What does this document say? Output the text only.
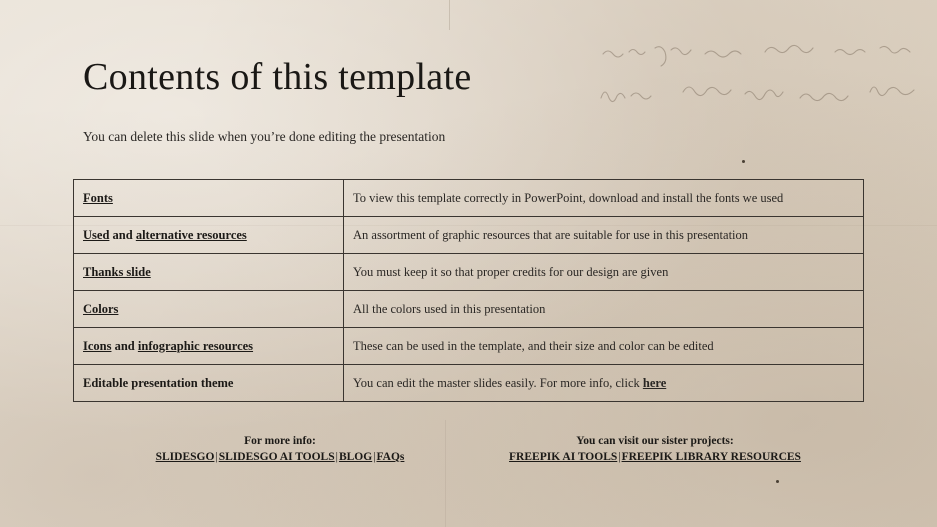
Contents of this template

You can delete this slide when you’re done editing the presentation

Fonts	To view this template correctly in PowerPoint, download and install the fonts we used
Used and alternative resources	An assortment of graphic resources that are suitable for use in this presentation
Thanks slide	You must keep it so that proper credits for our design are given
Colors	All the colors used in this presentation
Icons and infographic resources	These can be used in the template, and their size and color can be edited
Editable presentation theme	You can edit the master slides easily. For more info, click here
For more info:
SLIDESGO|SLIDESGO AI TOOLS|BLOG|FAQs
You can visit our sister projects:
FREEPIK AI TOOLS|FREEPIK LIBRARY RESOURCES
